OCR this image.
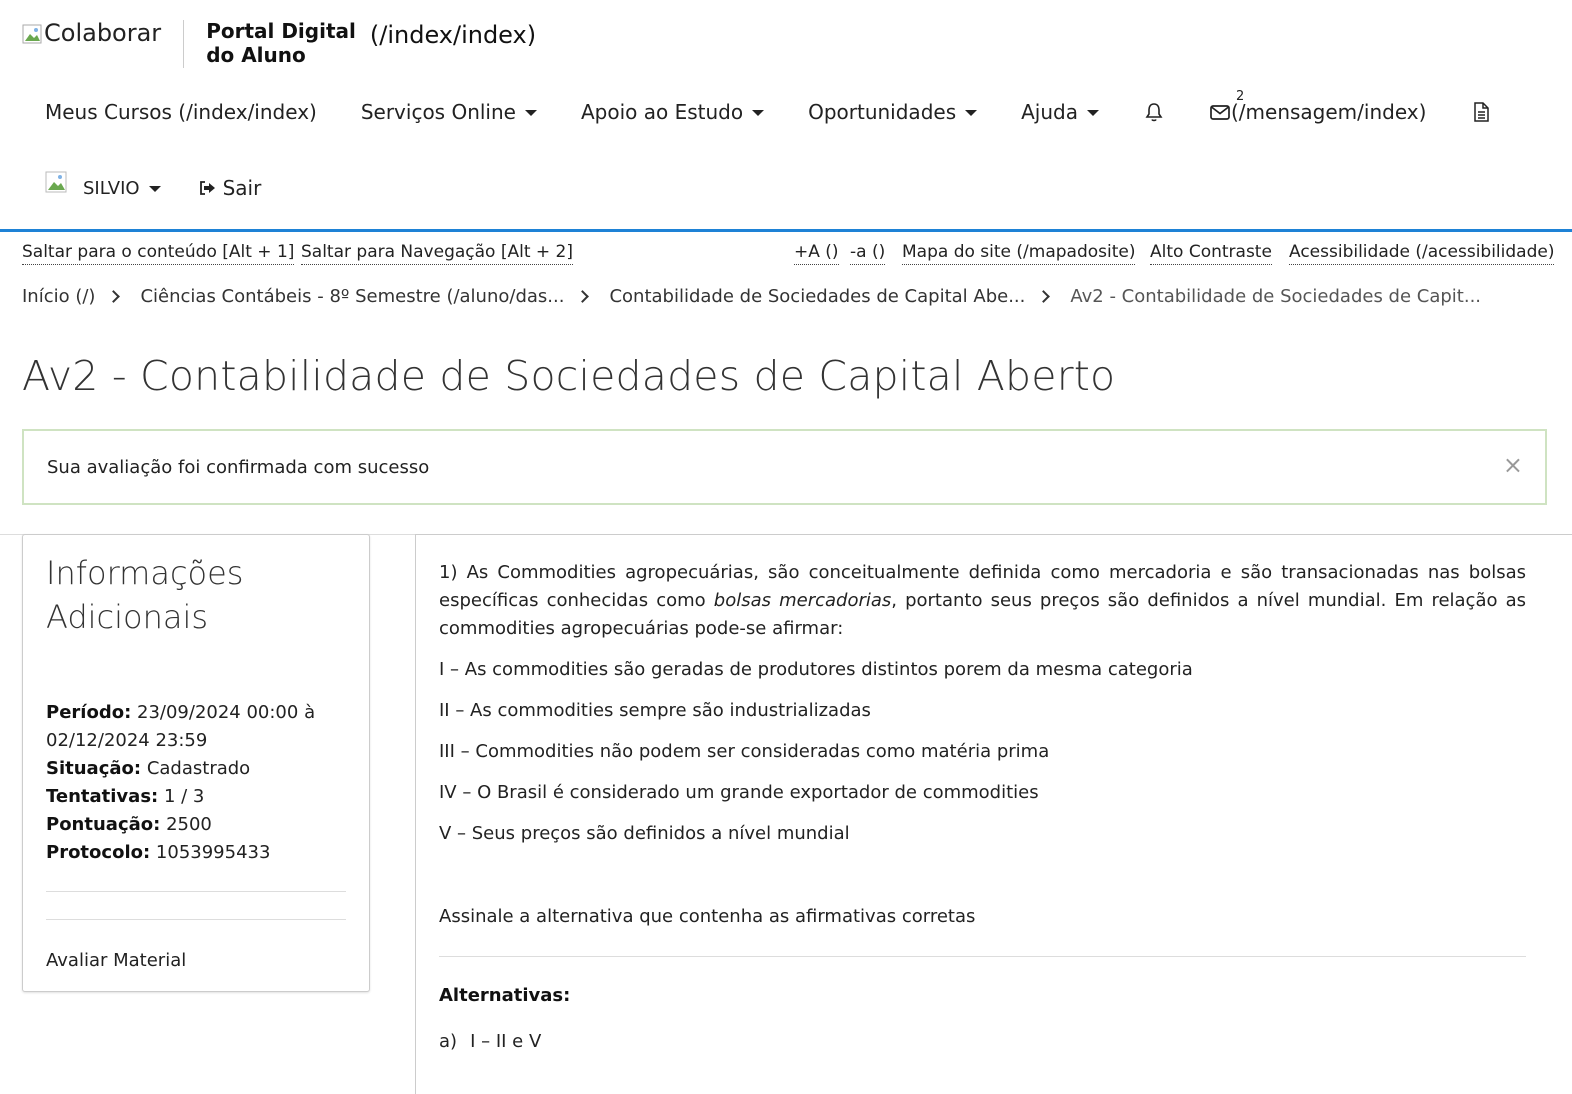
Colaborar Portal Digital
do Aluno
(/index/index)
Meus Cursos (/index/index) Serviços Online	Apoio ao Estudo	Oportunidades	Ajuda
2
(/mensagem/index)
SILVIO	Sair
Saltar para o conteúdo [Alt + 1] Saltar para Navegação [Alt + 2]	+A () -a () Mapa do site (/mapadosite) Alto Contraste Acessibilidade (/acessibilidade)
Início (/)	Ciências Contábeis - 8º Semestre (/aluno/das...	Contabilidade de Sociedades de Capital Abe...	Av2 - Contabilidade de Sociedades de Capit...
Av2 - Contabilidade de Sociedades de Capital Aberto
Sua avaliação foi confirmada com sucesso	×
Informações
Adicionais
Período: 23/09/2024 00:00 à 02/12/2024 23:59
Situação: Cadastrado
Tentativas: 1 / 3
Pontuação: 2500
Protocolo: 1053995433
Avaliar Material

1) As Commodities agropecuárias, são conceitualmente definida como mercadoria e são transacionadas nas bolsas específicas conhecidas como bolsas mercadorias, portanto seus preços são definidos a nível mundial. Em relação as commodities agropecuárias pode-se afirmar:

I – As commodities são geradas de produtores distintos porem da mesma categoria

II – As commodities sempre são industrializadas

III – Commodities não podem ser consideradas como matéria prima

IV – O Brasil é considerado um grande exportador de commodities

V – Seus preços são definidos a nível mundial

Assinale a alternativa que contenha as afirmativas corretas

Alternativas:
a) I – II e V
